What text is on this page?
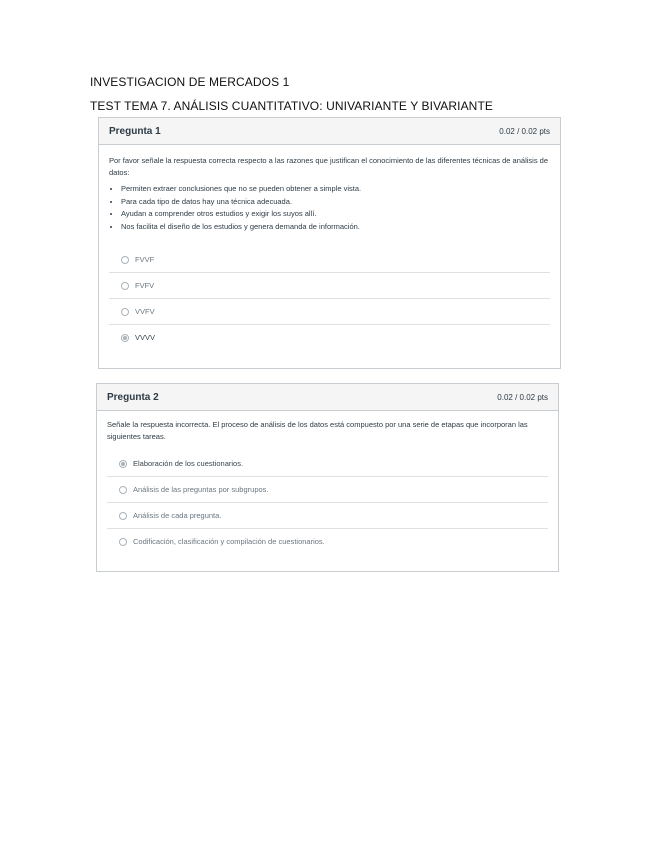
INVESTIGACION DE MERCADOS 1
TEST TEMA 7. ANÁLISIS CUANTITATIVO: UNIVARIANTE Y BIVARIANTE
Pregunta 1	0.02 / 0.02 pts

Por favor señale la respuesta correcta respecto a las razones que justifican el conocimiento de las diferentes técnicas de análisis de datos:

• Permiten extraer conclusiones que no se pueden obtener a simple vista.
• Para cada tipo de datos hay una técnica adecuada.
• Ayudan a comprender otros estudios y exigir los suyos allí.
• Nos facilita el diseño de los estudios y genera demanda de información.
FVVF
FVFV
VVFV
VVVV
Pregunta 2	0.02 / 0.02 pts

Señale la respuesta incorrecta. El proceso de análisis de los datos está compuesto por una serie de etapas que incorporan las siguientes tareas.

Elaboración de los cuestionarios.
Análisis de las preguntas por subgrupos.
Análisis de cada pregunta.
Codificación, clasificación y compilación de cuestionarios.
